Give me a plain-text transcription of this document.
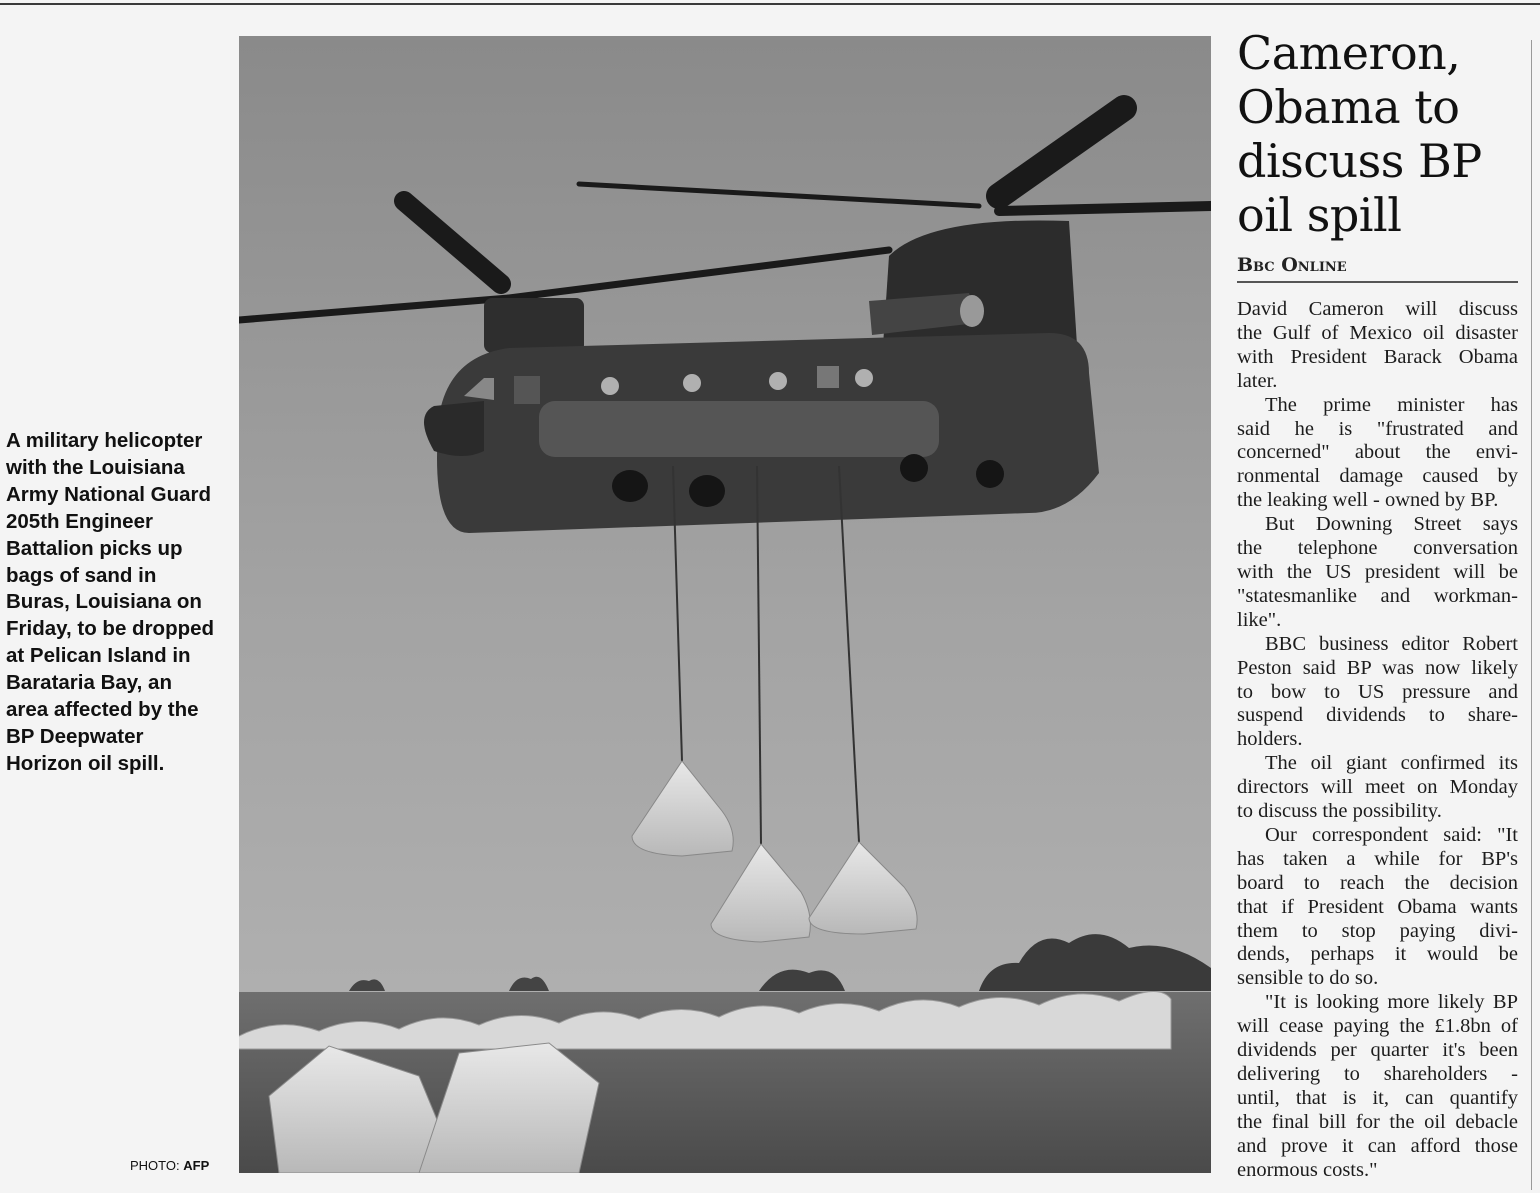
A military helicopter
with the Louisiana
Army National Guard
205th Engineer
Battalion picks up
bags of sand in
Buras, Louisiana on
Friday, to be dropped
at Pelican Island in
Barataria Bay, an
area affected by the
BP Deepwater
Horizon oil spill.
PHOTO: AFP
Cameron,
Obama to
discuss BP
oil spill
Bbc Online
David Cameron will discuss
the Gulf of Mexico oil disaster
with President Barack Obama
later.
The prime minister has
said he is "frustrated and
concerned" about the envi-
ronmental damage caused by
the leaking well - owned by BP.
But Downing Street says
the telephone conversation
with the US president will be
"statesmanlike and workman-
like".
BBC business editor Robert
Peston said BP was now likely
to bow to US pressure and
suspend dividends to share-
holders.
The oil giant confirmed its
directors will meet on Monday
to discuss the possibility.
Our correspondent said: "It
has taken a while for BP's
board to reach the decision
that if President Obama wants
them to stop paying divi-
dends, perhaps it would be
sensible to do so.
"It is looking more likely BP
will cease paying the £1.8bn of
dividends per quarter it's been
delivering to shareholders -
until, that is it, can quantify
the final bill for the oil debacle
and prove it can afford those
enormous costs."
